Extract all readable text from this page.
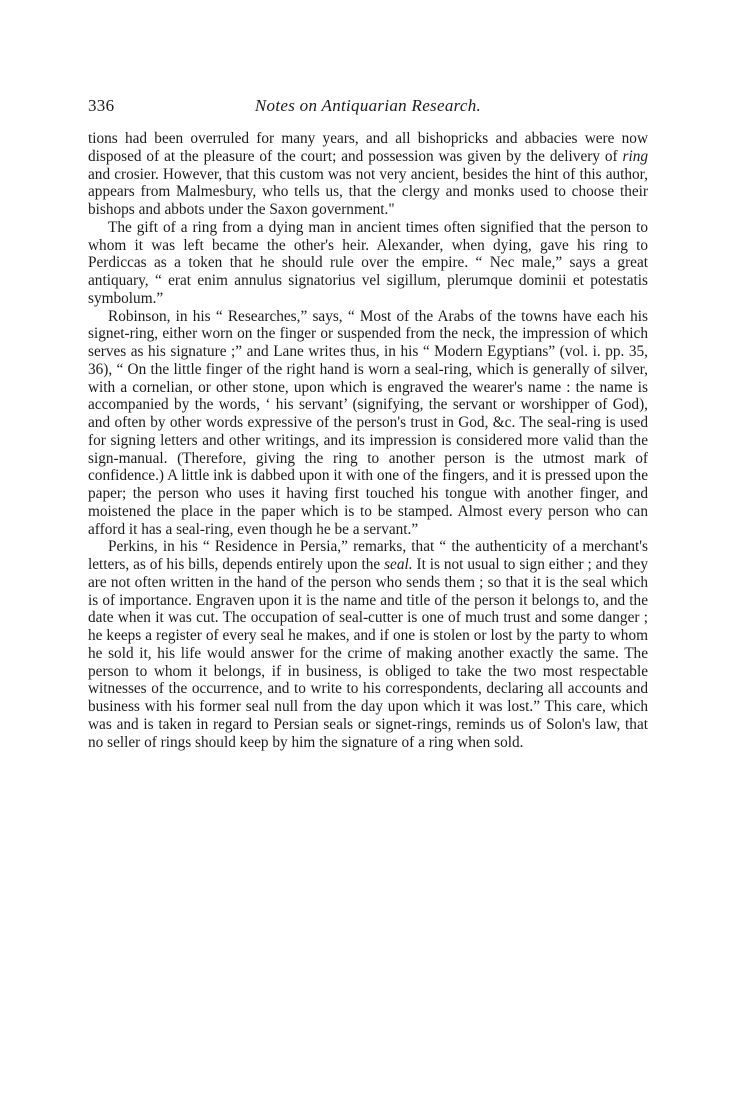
336	Notes on Antiquarian Research.

tions had been overruled for many years, and all bishopricks and abbacies were now disposed of at the pleasure of the court; and possession was given by the delivery of ring and crosier. However, that this custom was not very ancient, besides the hint of this author, appears from Malmesbury, who tells us, that the clergy and monks used to choose their bishops and abbots under the Saxon government."

The gift of a ring from a dying man in ancient times often signified that the person to whom it was left became the other's heir. Alexander, when dying, gave his ring to Perdiccas as a token that he should rule over the empire. “ Nec male,” says a great antiquary, “ erat enim annulus signatorius vel sigillum, plerumque dominii et potestatis symbolum.”

Robinson, in his “ Researches,” says, “ Most of the Arabs of the towns have each his signet-ring, either worn on the finger or suspended from the neck, the impression of which serves as his signature ;” and Lane writes thus, in his “ Modern Egyptians” (vol. i. pp. 35, 36), “ On the little finger of the right hand is worn a seal-ring, which is generally of silver, with a cornelian, or other stone, upon which is engraved the wearer's name : the name is accompanied by the words, ‘ his servant’ (signifying, the servant or worshipper of God), and often by other words expressive of the person's trust in God, &c. The seal-ring is used for signing letters and other writings, and its impression is considered more valid than the sign-manual. (Therefore, giving the ring to another person is the utmost mark of confidence.) A little ink is dabbed upon it with one of the fingers, and it is pressed upon the paper; the person who uses it having first touched his tongue with another finger, and moistened the place in the paper which is to be stamped. Almost every person who can afford it has a seal-ring, even though he be a servant.”

Perkins, in his “ Residence in Persia,” remarks, that “ the authenticity of a merchant's letters, as of his bills, depends entirely upon the seal. It is not usual to sign either ; and they are not often written in the hand of the person who sends them ; so that it is the seal which is of importance. Engraven upon it is the name and title of the person it belongs to, and the date when it was cut. The occupation of seal-cutter is one of much trust and some danger ; he keeps a register of every seal he makes, and if one is stolen or lost by the party to whom he sold it, his life would answer for the crime of making another exactly the same. The person to whom it belongs, if in business, is obliged to take the two most respectable witnesses of the occurrence, and to write to his correspondents, declaring all accounts and business with his former seal null from the day upon which it was lost.” This care, which was and is taken in regard to Persian seals or signet-rings, reminds us of Solon's law, that no seller of rings should keep by him the signature of a ring when sold.
